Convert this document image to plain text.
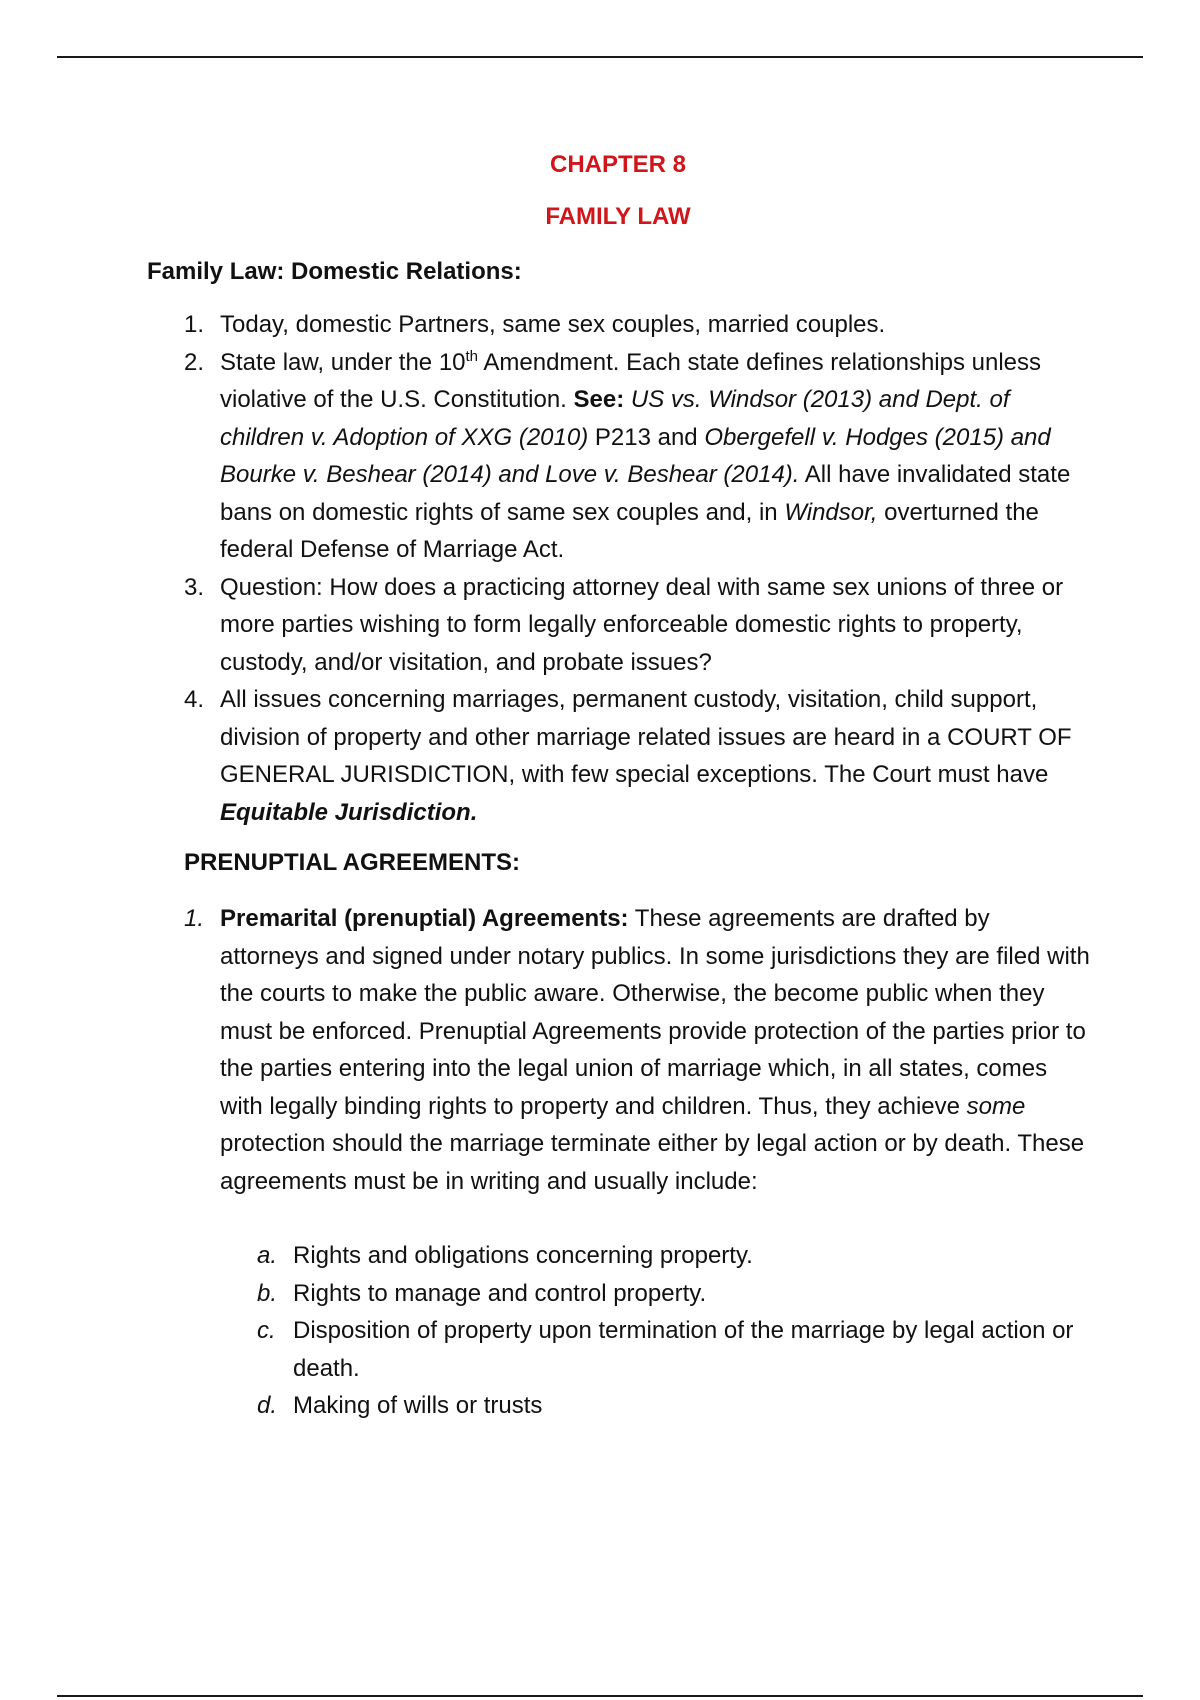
CHAPTER 8
FAMILY LAW
Family Law: Domestic Relations:
1. Today, domestic Partners, same sex couples, married couples.
2. State law, under the 10th Amendment. Each state defines relationships unless violative of the U.S. Constitution. See: US vs. Windsor (2013) and Dept. of children v. Adoption of XXG (2010) P213 and Obergefell v. Hodges (2015) and Bourke v. Beshear (2014) and Love v. Beshear (2014). All have invalidated state bans on domestic rights of same sex couples and, in Windsor, overturned the federal Defense of Marriage Act.
3. Question: How does a practicing attorney deal with same sex unions of three or more parties wishing to form legally enforceable domestic rights to property, custody, and/or visitation, and probate issues?
4. All issues concerning marriages, permanent custody, visitation, child support, division of property and other marriage related issues are heard in a COURT OF GENERAL JURISDICTION, with few special exceptions. The Court must have Equitable Jurisdiction.
PRENUPTIAL AGREEMENTS:
1. Premarital (prenuptial) Agreements: These agreements are drafted by attorneys and signed under notary publics. In some jurisdictions they are filed with the courts to make the public aware. Otherwise, the become public when they must be enforced. Prenuptial Agreements provide protection of the parties prior to the parties entering into the legal union of marriage which, in all states, comes with legally binding rights to property and children. Thus, they achieve some protection should the marriage terminate either by legal action or by death. These agreements must be in writing and usually include:
a. Rights and obligations concerning property.
b. Rights to manage and control property.
c. Disposition of property upon termination of the marriage by legal action or death.
d. Making of wills or trusts
